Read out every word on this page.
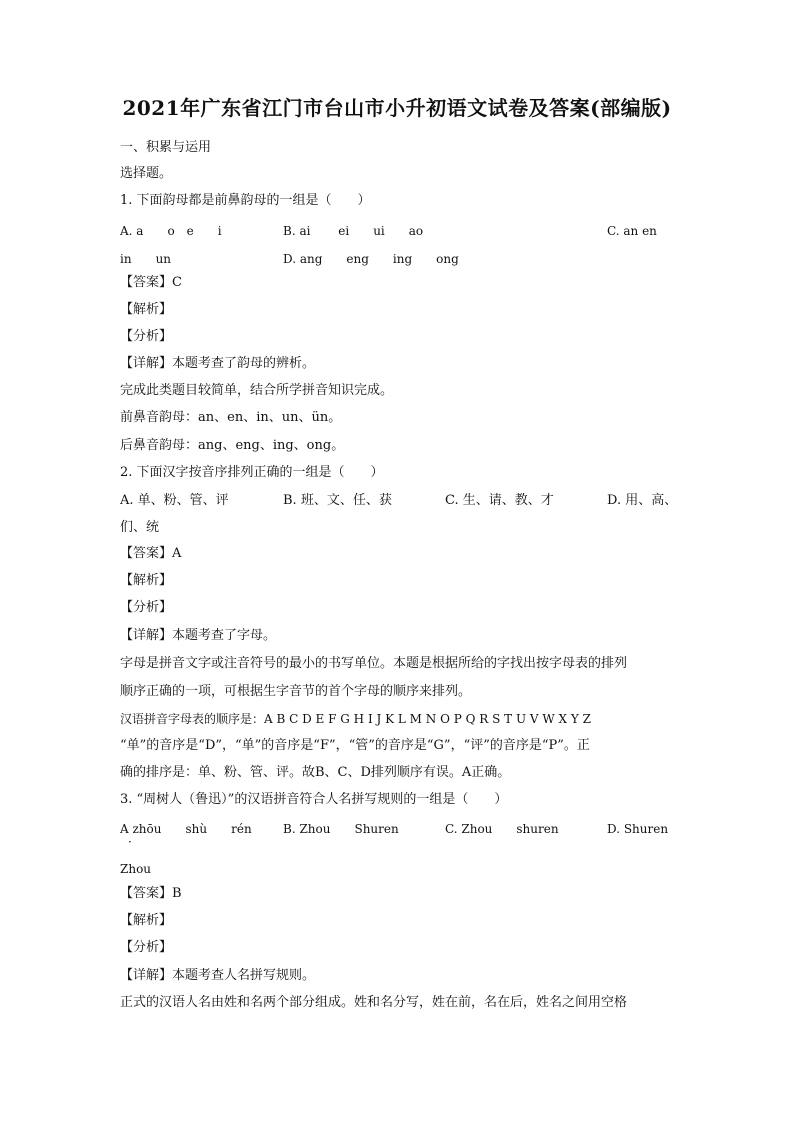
2021年广东省江门市台山市小升初语文试卷及答案(部编版)
一、积累与运用
选择题。
1. 下面韵母都是前鼻韵母的一组是（　　）
A. a　　o　e　　i	B. ai　　 ei　　ui　　ao	C. an en
in　　un	D. ang　　eng　　ing　　ong
【答案】C
【解析】
【分析】
【详解】本题考查了韵母的辨析。
完成此类题目较简单，结合所学拼音知识完成。
前鼻音韵母：an、en、in、un、ün。
后鼻音韵母：ang、eng、ing、ong。
2. 下面汉字按音序排列正确的一组是（　　）
A. 单、粉、管、评	B. 班、文、任、获	C. 生、请、教、才	D. 用、高、
们、统
【答案】A
【解析】
【分析】
【详解】本题考查了字母。
字母是拼音文字或注音符号的最小的书写单位。本题是根据所给的字找出按字母表的排列
顺序正确的一项，可根据生字音节的首个字母的顺序来排列。
汉语拼音字母表的顺序是：A B C D E F G H I J K L M N O P Q R S T U V W X Y Z
“单”的音序是“D”，“单”的音序是“F”，“管”的音序是“G”，“评”的音序是“P”。正
确的排序是：单、粉、管、评。故B、C、D排列顺序有误。A正确。
3. “周树人（鲁迅）”的汉语拼音符合人名拼写规则的一组是（　　）
A zhōu　　shù　　rén
·
B. Zhou　　Shuren	C. Zhou　　shuren	D. Shuren
Zhou
【答案】B
【解析】
【分析】
【详解】本题考查人名拼写规则。
正式的汉语人名由姓和名两个部分组成。姓和名分写，姓在前，名在后，姓名之间用空格
